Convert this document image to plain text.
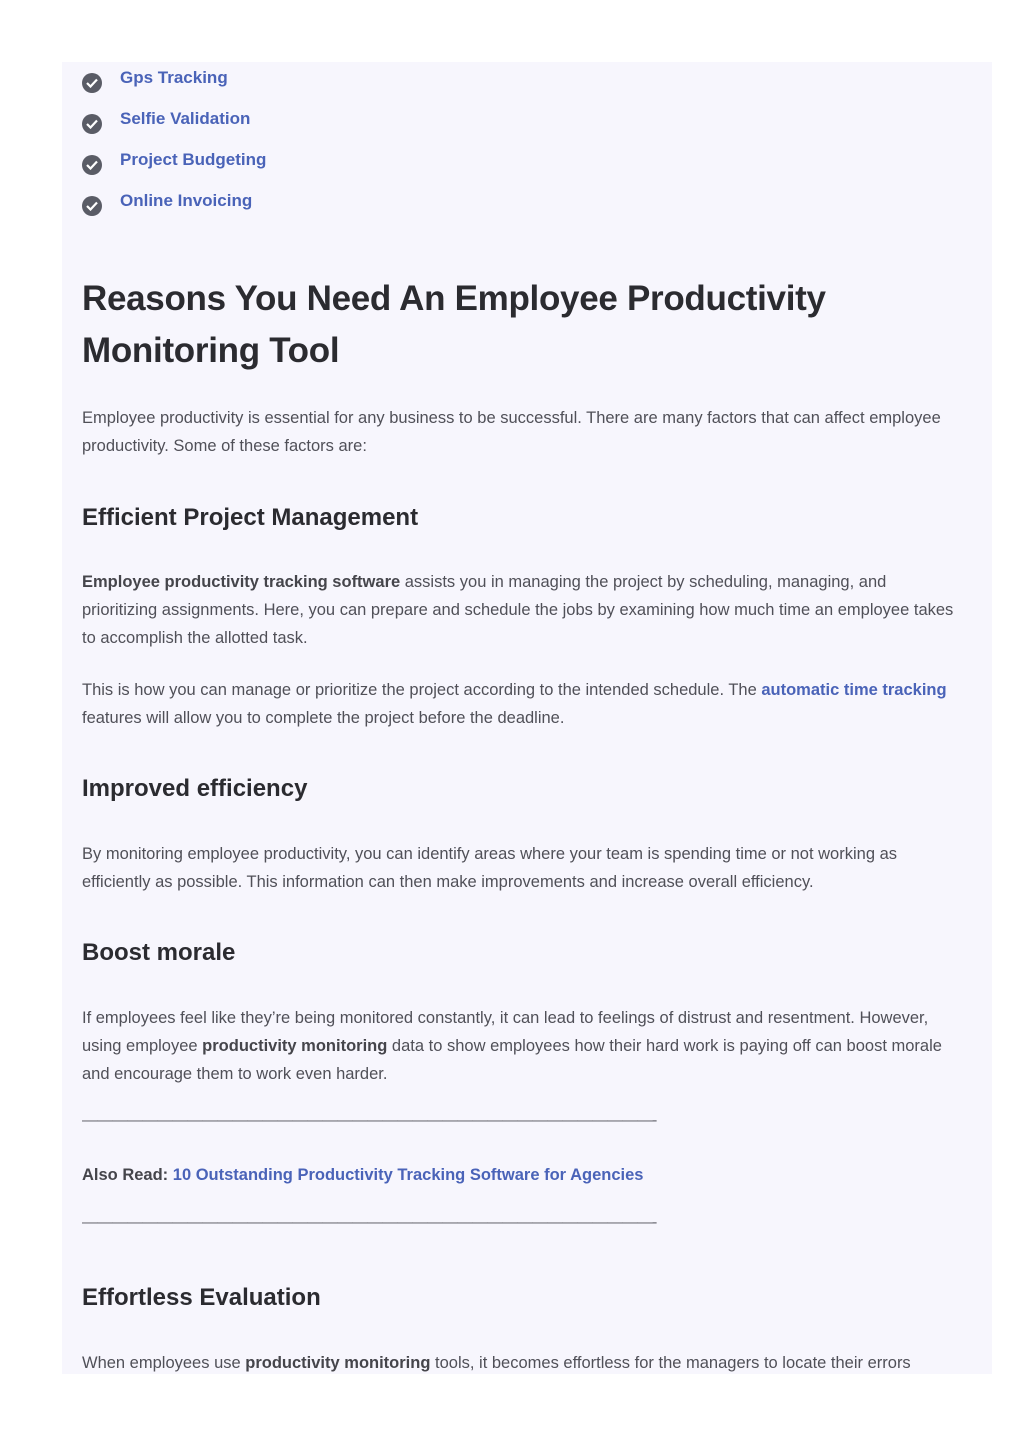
Gps Tracking
Selfie Validation
Project Budgeting
Online Invoicing
Reasons You Need An Employee Productivity Monitoring Tool

Employee productivity is essential for any business to be successful. There are many factors that can affect employee productivity. Some of these factors are:

Efficient Project Management

Employee productivity tracking software assists you in managing the project by scheduling, managing, and prioritizing assignments. Here, you can prepare and schedule the jobs by examining how much time an employee takes to accomplish the allotted task.

This is how you can manage or prioritize the project according to the intended schedule. The automatic time tracking features will allow you to complete the project before the deadline.

Improved efficiency

By monitoring employee productivity, you can identify areas where your team is spending time or not working as efficiently as possible. This information can then make improvements and increase overall efficiency.

Boost morale

If employees feel like they’re being monitored constantly, it can lead to feelings of distrust and resentment. However, using employee productivity monitoring data to show employees how their hard work is paying off can boost morale and encourage them to work even harder.

——————————————————————————————————————-

Also Read: 10 Outstanding Productivity Tracking Software for Agencies

——————————————————————————————————————-
Effortless Evaluation

When employees use productivity monitoring tools, it becomes effortless for the managers to locate their errors
